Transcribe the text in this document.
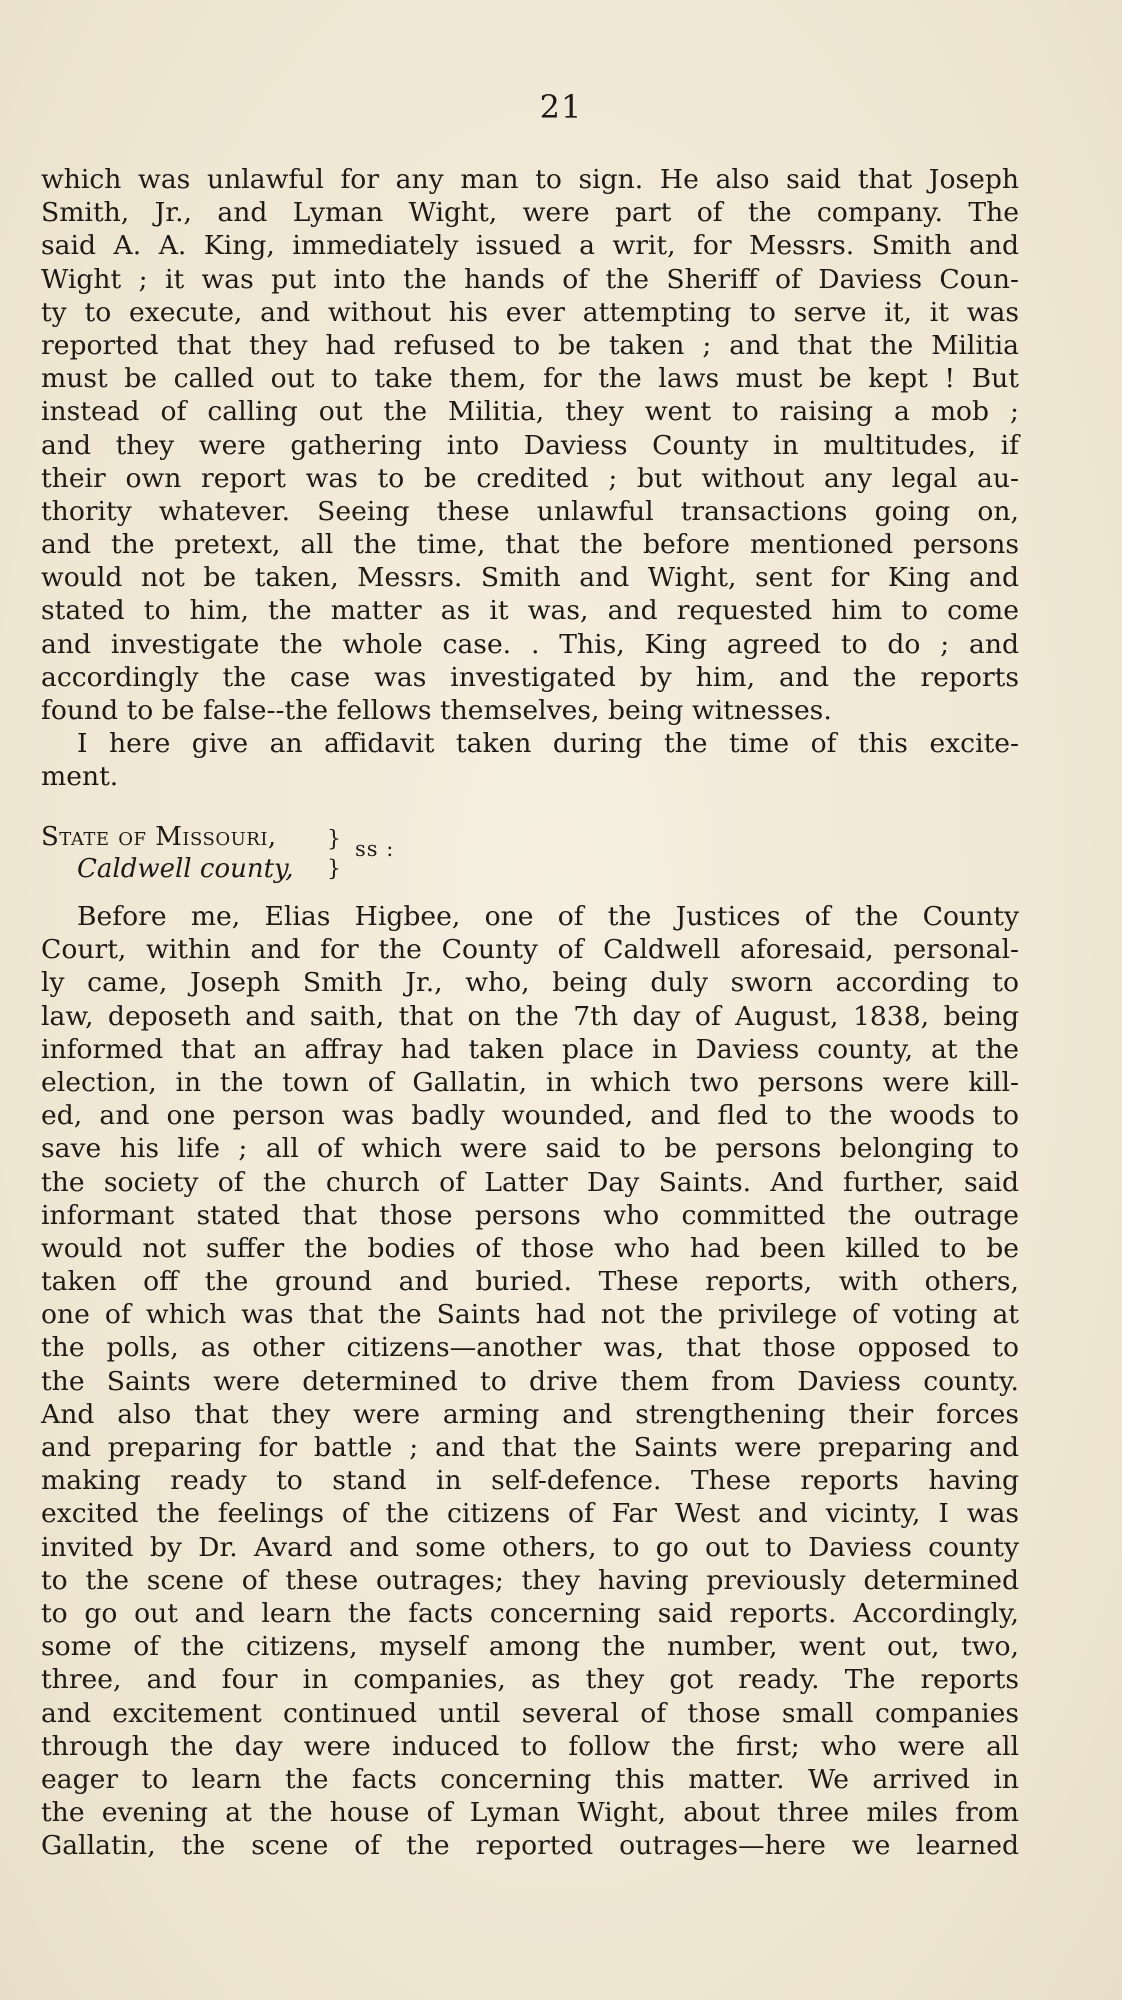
21
which was unlawful for any man to sign. He also said that Joseph
Smith, Jr., and Lyman Wight, were part of the company. The
said A. A. King, immediately issued a writ, for Messrs. Smith and
Wight ; it was put into the hands of the Sheriff of Daviess Coun-
ty to execute, and without his ever attempting to serve it, it was
reported that they had refused to be taken ; and that the Militia
must be called out to take them, for the laws must be kept ! But
instead of calling out the Militia, they went to raising a mob ;
and they were gathering into Daviess County in multitudes, if
their own report was to be credited ; but without any legal au-
thority whatever. Seeing these unlawful transactions going on,
and the pretext, all the time, that the before mentioned persons
would not be taken, Messrs. Smith and Wight, sent for King and
stated to him, the matter as it was, and requested him to come
and investigate the whole case. . This, King agreed to do ; and
accordingly the case was investigated by him, and the reports
found to be false--the fellows themselves, being witnesses.
I here give an affidavit taken during the time of this excite-
ment.
State of Missouri,
Caldwell county,
}
}
ss :
Before me, Elias Higbee, one of the Justices of the County
Court, within and for the County of Caldwell aforesaid, personal-
ly came, Joseph Smith Jr., who, being duly sworn according to
law, deposeth and saith, that on the 7th day of August, 1838, being
informed that an affray had taken place in Daviess county, at the
election, in the town of Gallatin, in which two persons were kill-
ed, and one person was badly wounded, and fled to the woods to
save his life ; all of which were said to be persons belonging to
the society of the church of Latter Day Saints. And further, said
informant stated that those persons who committed the outrage
would not suffer the bodies of those who had been killed to be
taken off the ground and buried. These reports, with others,
one of which was that the Saints had not the privilege of voting at
the polls, as other citizens—another was, that those opposed to
the Saints were determined to drive them from Daviess county.
And also that they were arming and strengthening their forces
and preparing for battle ; and that the Saints were preparing and
making ready to stand in self-defence. These reports having
excited the feelings of the citizens of Far West and vicinty, I was
invited by Dr. Avard and some others, to go out to Daviess county
to the scene of these outrages; they having previously determined
to go out and learn the facts concerning said reports. Accordingly,
some of the citizens, myself among the number, went out, two,
three, and four in companies, as they got ready. The reports
and excitement continued until several of those small companies
through the day were induced to follow the first; who were all
eager to learn the facts concerning this matter. We arrived in
the evening at the house of Lyman Wight, about three miles from
Gallatin, the scene of the reported outrages—here we learned
